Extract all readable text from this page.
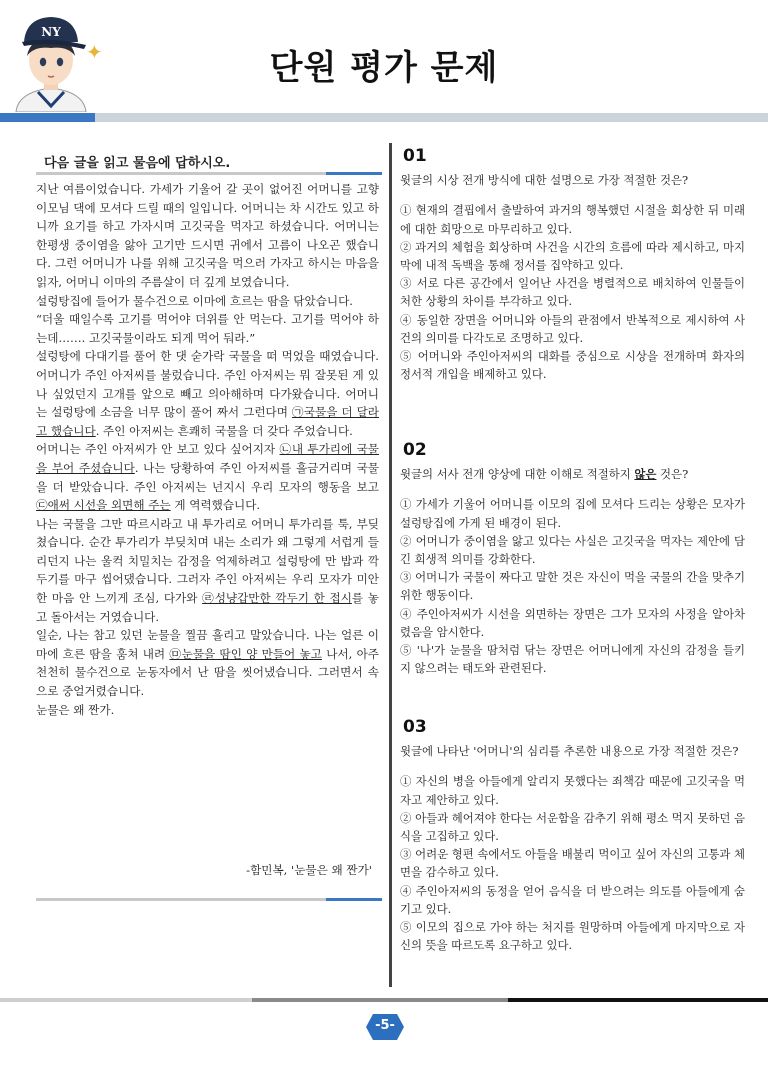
NY
✦	단원 평가 문제
다음 글을 읽고 물음에 답하시오.

지난 여름이었습니다. 가세가 기울어 갈 곳이 없어진 어머니를 고향 이모님 댁에 모셔다 드릴 때의 일입니다. 어머니는 차 시간도 있고 하니까 요기를 하고 가자시며 고깃국을 먹자고 하셨습니다. 어머니는 한평생 중이염을 앓아 고기만 드시면 귀에서 고름이 나오곤 했습니다. 그런 어머니가 나를 위해 고깃국을 먹으러 가자고 하시는 마음을 읽자, 어머니 이마의 주름살이 더 깊게 보였습니다.

설렁탕집에 들어가 물수건으로 이마에 흐르는 땀을 닦았습니다.

“더울 때일수록 고기를 먹어야 더위를 안 먹는다. 고기를 먹어야 하는데……. 고깃국물이라도 되게 먹어 둬라.”

설렁탕에 다대기를 풀어 한 댓 숟가락 국물을 떠 먹었을 때였습니다. 어머니가 주인 아저씨를 불렀습니다. 주인 아저씨는 뭐 잘못된 게 있나 싶었던지 고개를 앞으로 빼고 의아해하며 다가왔습니다. 어머니는 설렁탕에 소금을 너무 많이 풀어 짜서 그런다며 ㉠국물을 더 달라고 했습니다. 주인 아저씨는 흔쾌히 국물을 더 갖다 주었습니다.

어머니는 주인 아저씨가 안 보고 있다 싶어지자 ㉡내 투가리에 국물을 부어 주셨습니다. 나는 당황하여 주인 아저씨를 흘금거리며 국물을 더 받았습니다. 주인 아저씨는 넌지시 우리 모자의 행동을 보고 ㉢애써 시선을 외면해 주는 게 역력했습니다.

나는 국물을 그만 따르시라고 내 투가리로 어머니 투가리를 툭, 부딪쳤습니다. 순간 투가리가 부딪치며 내는 소리가 왜 그렇게 서럽게 들리던지 나는 울컥 치밀치는 감정을 억제하려고 설렁탕에 만 밥과 깍두기를 마구 씹어댔습니다. 그러자 주인 아저씨는 우리 모자가 미안한 마음 안 느끼게 조심, 다가와 ㉣성냥갑만한 깍두기 한 접시를 놓고 돌아서는 거였습니다.

일순, 나는 참고 있던 눈물을 찔끔 흘리고 말았습니다. 나는 얼른 이마에 흐른 땀을 훔쳐 내려 ㉤눈물을 땀인 양 만들어 놓고 나서, 아주 천천히 물수건으로 눈동자에서 난 땀을 씻어냈습니다. 그러면서 속으로 중얼거렸습니다.

눈물은 왜 짠가.

-함민복, '눈물은 왜 짠가'
01
윗글의 시상 전개 방식에 대한 설명으로 가장 적절한 것은?

① 현재의 결핍에서 출발하여 과거의 행복했던 시절을 회상한 뒤 미래에 대한 희망으로 마무리하고 있다.

② 과거의 체험을 회상하며 사건을 시간의 흐름에 따라 제시하고, 마지막에 내적 독백을 통해 정서를 집약하고 있다.

③ 서로 다른 공간에서 일어난 사건을 병렬적으로 배치하여 인물들이 처한 상황의 차이를 부각하고 있다.

④ 동일한 장면을 어머니와 아들의 관점에서 반복적으로 제시하여 사건의 의미를 다각도로 조명하고 있다.

⑤ 어머니와 주인아저씨의 대화를 중심으로 시상을 전개하며 화자의 정서적 개입을 배제하고 있다.

02
윗글의 서사 전개 양상에 대한 이해로 적절하지 않은 것은?

① 가세가 기울어 어머니를 이모의 집에 모셔다 드리는 상황은 모자가 설렁탕집에 가게 된 배경이 된다.

② 어머니가 중이염을 앓고 있다는 사실은 고깃국을 먹자는 제안에 담긴 희생적 의미를 강화한다.

③ 어머니가 국물이 짜다고 말한 것은 자신이 먹을 국물의 간을 맞추기 위한 행동이다.

④ 주인아저씨가 시선을 외면하는 장면은 그가 모자의 사정을 알아차렸음을 암시한다.

⑤ '나'가 눈물을 땀처럼 닦는 장면은 어머니에게 자신의 감정을 들키지 않으려는 태도와 관련된다.

03
윗글에 나타난 '어머니'의 심리를 추론한 내용으로 가장 적절한 것은?

① 자신의 병을 아들에게 알리지 못했다는 죄책감 때문에 고깃국을 먹자고 제안하고 있다.

② 아들과 헤어져야 한다는 서운함을 감추기 위해 평소 먹지 못하던 음식을 고집하고 있다.

③ 어려운 형편 속에서도 아들을 배불리 먹이고 싶어 자신의 고통과 체면을 감수하고 있다.

④ 주인아저씨의 동정을 얻어 음식을 더 받으려는 의도를 아들에게 숨기고 있다.

⑤ 이모의 집으로 가야 하는 처지를 원망하며 아들에게 마지막으로 자신의 뜻을 따르도록 요구하고 있다.

-5-
